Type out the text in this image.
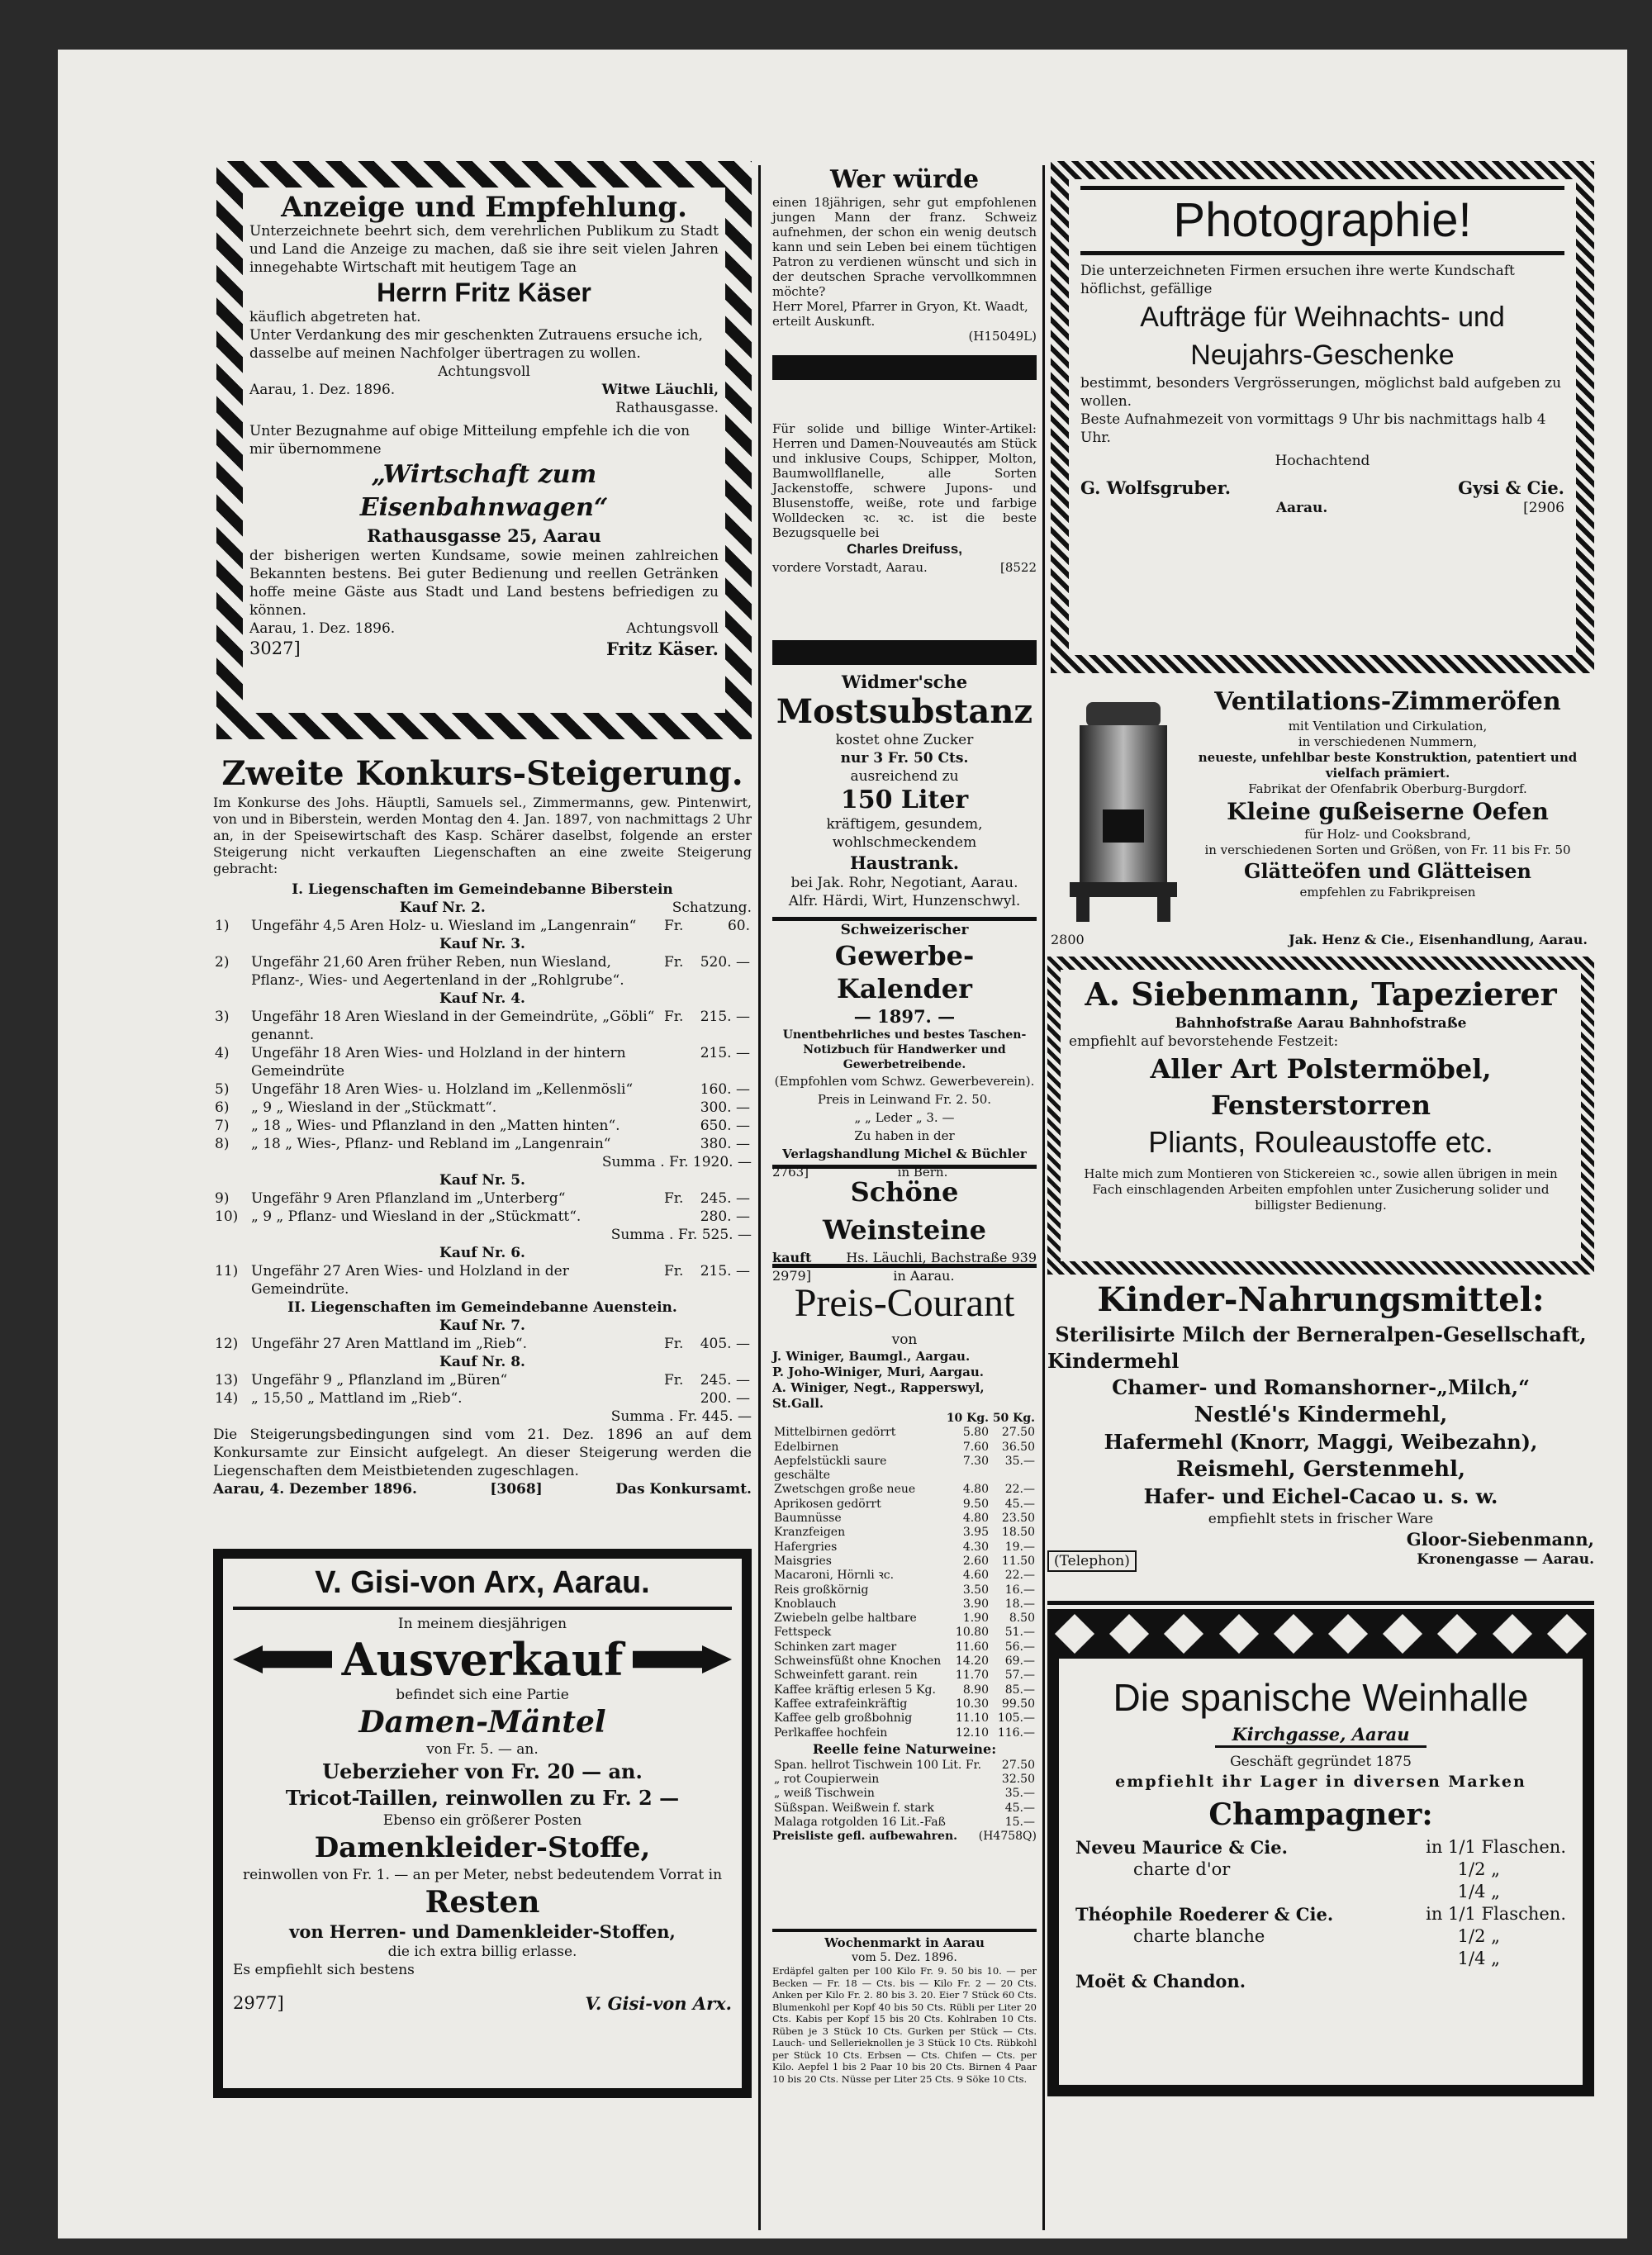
Anzeige und Empfehlung.

Unterzeichnete beehrt sich, dem verehrlichen Publikum zu Stadt und Land die Anzeige zu machen, daß sie ihre seit vielen Jahren innegehabte Wirtschaft mit heutigem Tage an

Herrn Fritz Käser

käuflich abgetreten hat.

Unter Verdankung des mir geschenkten Zutrauens ersuche ich, dasselbe auf meinen Nachfolger übertragen zu wollen.

Achtungsvoll

Aarau, 1. Dez. 1896.	Witwe Läuchli,

Rathausgasse.

Unter Bezugnahme auf obige Mitteilung empfehle ich die von mir übernommene

„Wirtschaft zum Eisenbahnwagen“

Rathausgasse 25, Aarau

der bisherigen werten Kundsame, sowie meinen zahlreichen Bekannten bestens. Bei guter Bedienung und reellen Getränken hoffe meine Gäste aus Stadt und Land bestens befriedigen zu können.

Aarau, 1. Dez. 1896.	Achtungsvoll
3027]	Fritz Käser.

Zweite Konkurs-Steigerung.

Im Konkurse des Johs. Häuptli, Samuels sel., Zimmermanns, gew. Pintenwirt, von und in Biberstein, werden Montag den 4. Jan. 1897, von nachmittags 2 Uhr an, in der Speisewirtschaft des Kasp. Schärer daselbst, folgende an erster Steigerung nicht verkauften Liegenschaften an eine zweite Steigerung gebracht:

I. Liegenschaften im Gemeindebanne Biberstein

Kauf Nr. 2.	Schatzung.
1)	Ungefähr 4,5 Aren Holz- u. Wiesland im „Langenrain“	Fr.	60.

Kauf Nr. 3.

2)	Ungefähr 21,60 Aren früher Reben, nun Wiesland, Pflanz-, Wies- und Aegertenland in der „Rohlgrube“.	Fr.	520. —

Kauf Nr. 4.

3)	Ungefähr 18 Aren Wiesland in der Gemeindrüte, „Göbli“ genannt.	Fr.	215. —
4)	Ungefähr 18 Aren Wies- und Holzland in der hintern Gemeindrüte		215. —
5)	Ungefähr 18 Aren Wies- u. Holzland im „Kellenmösli“		160. —
6)	„ 9 „ Wiesland in der „Stückmatt“.		300. —
7)	„ 18 „ Wies- und Pflanzland in den „Matten hinten“.		650. —
8)	„ 18 „ Wies-, Pflanz- und Rebland im „Langenrain“		380. —

Summa . Fr. 1920. —

Kauf Nr. 5.

9)	Ungefähr 9 Aren Pflanzland im „Unterberg“	Fr.	245. —
10)	„ 9 „ Pflanz- und Wiesland in der „Stückmatt“.		280. —

Summa . Fr. 525. —

Kauf Nr. 6.

11)	Ungefähr 27 Aren Wies- und Holzland in der Gemeindrüte.	Fr.	215. —

II. Liegenschaften im Gemeindebanne Auenstein.

Kauf Nr. 7.

12)	Ungefähr 27 Aren Mattland im „Rieb“.	Fr.	405. —

Kauf Nr. 8.

13)	Ungefähr 9 „ Pflanzland im „Büren“	Fr.	245. —
14)	„ 15,50 „ Mattland im „Rieb“.		200. —

Summa . Fr. 445. —

Die Steigerungsbedingungen sind vom 21. Dez. 1896 an auf dem Konkursamte zur Einsicht aufgelegt. An dieser Steigerung werden die Liegenschaften dem Meistbietenden zugeschlagen.

Aarau, 4. Dezember 1896.	[3068]	Das Konkursamt.

V. Gisi-von Arx, Aarau.

In meinem diesjährigen

Ausverkauf

befindet sich eine Partie

Damen-Mäntel

von Fr. 5. — an.

Ueberzieher von Fr. 20 — an.

Tricot-Taillen, reinwollen zu Fr. 2 —

Ebenso ein größerer Posten

Damenkleider-Stoffe,

reinwollen von Fr. 1. — an per Meter, nebst bedeutendem Vorrat in

Resten

von Herren- und Damenkleider-Stoffen,

die ich extra billig erlasse.

Es empfiehlt sich bestens

2977]	V. Gisi-von Arx.

Wer würde

einen 18jährigen, sehr gut empfohlenen jungen Mann der franz. Schweiz aufnehmen, der schon ein wenig deutsch kann und sein Leben bei einem tüchtigen Patron zu verdienen wünscht und sich in der deutschen Sprache vervollkommnen möchte?

Herr Morel, Pfarrer in Gryon, Kt. Waadt, erteilt Auskunft.

(H15049L)

Für solide und billige Winter-Artikel: Herren und Damen-Nouveautés am Stück und inklusive Coups, Schipper, Molton, Baumwollflanelle, alle Sorten Jackenstoffe, schwere Jupons- und Blusenstoffe, weiße, rote und farbige Wolldecken ꝛc. ꝛc. ist die beste Bezugsquelle bei

Charles Dreifuss,

vordere Vorstadt, Aarau.	[8522

Widmer'sche

Mostsubstanz

kostet ohne Zucker

nur 3 Fr. 50 Cts.

ausreichend zu

150 Liter

kräftigem, gesundem, wohlschmeckendem

Haustrank.

bei Jak. Rohr, Negotiant, Aarau.

Alfr. Härdi, Wirt, Hunzenschwyl.

Schweizerischer

Gewerbe-Kalender

— 1897. —

Unentbehrliches und bestes Taschen-Notizbuch für Handwerker und Gewerbetreibende.

(Empfohlen vom Schwz. Gewerbeverein).

Preis in Leinwand Fr. 2. 50.

„ „ Leder „ 3. —

Zu haben in der

Verlagshandlung Michel & Büchler

2763]	in Bern.

Schöne Weinsteine

kauft	Hs. Läuchli, Bachstraße 939
2979]	in Aarau.

Preis-Courant

von

J. Winiger, Baumgl., Aargau.

P. Joho-Winiger, Muri, Aargau.

A. Winiger, Negt., Rapperswyl, St.Gall.

	10 Kg.	50 Kg.
Mittelbirnen gedörrt	5.80	27.50
Edelbirnen	7.60	36.50
Aepfelstückli saure geschälte	7.30	35.—
Zwetschgen große neue	4.80	22.—
Aprikosen gedörrt	9.50	45.—
Baumnüsse	4.80	23.50
Kranzfeigen	3.95	18.50
Hafergries	4.30	19.—
Maisgries	2.60	11.50
Macaroni, Hörnli ꝛc.	4.60	22.—
Reis großkörnig	3.50	16.—
Knoblauch	3.90	18.—
Zwiebeln gelbe haltbare	1.90	8.50
Fettspeck	10.80	51.—
Schinken zart mager	11.60	56.—
Schweinsfüßt ohne Knochen	14.20	69.—
Schweinfett garant. rein	11.70	57.—
Kaffee kräftig erlesen 5 Kg.	8.90	85.—
Kaffee extrafeinkräftig	10.30	99.50
Kaffee gelb großbohnig	11.10	105.—
Perlkaffee hochfein	12.10	116.—

Reelle feine Naturweine:

Span. hellrot Tischwein 100 Lit. Fr.	27.50
„ rot Coupierwein	32.50
„ weiß Tischwein	35.—
Süßspan. Weißwein f. stark	45.—
Malaga rotgolden 16 Lit.-Faß	15.—
Preisliste gefl. aufbewahren. (H4758Q)

Wochenmarkt in Aarau

vom 5. Dez. 1896.

Erdäpfel galten per 100 Kilo Fr. 9. 50 bis 10. — per Becken — Fr. 18 — Cts. bis — Kilo Fr. 2 — 20 Cts. Anken per Kilo Fr. 2. 80 bis 3. 20. Eier 7 Stück 60 Cts. Blumenkohl per Kopf 40 bis 50 Cts. Rübli per Liter 20 Cts. Kabis per Kopf 15 bis 20 Cts. Kohlraben 10 Cts. Rüben je 3 Stück 10 Cts. Gurken per Stück — Cts. Lauch- und Sellerieknollen je 3 Stück 10 Cts. Rübkohl per Stück 10 Cts. Erbsen — Cts. Chifen — Cts. per Kilo. Aepfel 1 bis 2 Paar 10 bis 20 Cts. Birnen 4 Paar 10 bis 20 Cts. Nüsse per Liter 25 Cts. 9 Söke 10 Cts.

Photographie!

Die unterzeichneten Firmen ersuchen ihre werte Kundschaft höflichst, gefällige

Aufträge für Weihnachts- und

Neujahrs-Geschenke

bestimmt, besonders Vergrösserungen, möglichst bald aufgeben zu wollen.

Beste Aufnahmezeit von vormittags 9 Uhr bis nachmittags halb 4 Uhr.

Hochachtend

G. Wolfsgruber.	Gysi & Cie.
Aarau.	[2906

Ventilations-Zimmeröfen

mit Ventilation und Cirkulation,

in verschiedenen Nummern,

neueste, unfehlbar beste Konstruktion, patentiert und vielfach prämiert.

Fabrikat der Ofenfabrik Oberburg-Burgdorf.

Kleine gußeiserne Oefen

für Holz- und Cooksbrand,

in verschiedenen Sorten und Größen, von Fr. 11 bis Fr. 50

Glätteöfen und Glätteisen

empfehlen zu Fabrikpreisen

2800	Jak. Henz & Cie., Eisenhandlung, Aarau.

A. Siebenmann, Tapezierer

Bahnhofstraße Aarau Bahnhofstraße

empfiehlt auf bevorstehende Festzeit:

Aller Art Polstermöbel, Fensterstorren

Pliants, Rouleaustoffe etc.

Halte mich zum Montieren von Stickereien ꝛc., sowie allen übrigen in mein Fach einschlagenden Arbeiten empfohlen unter Zusicherung solider und billigster Bedienung.

Kinder-Nahrungsmittel:

Sterilisirte Milch der Berneralpen-Gesellschaft,

Kindermehl

Chamer- und Romanshorner-„Milch,“

Nestlé's Kindermehl,

Hafermehl (Knorr, Maggi, Weibezahn),

Reismehl, Gerstenmehl,

Hafer- und Eichel-Cacao u. s. w.

empfiehlt stets in frischer Ware

Gloor-Siebenmann,

(Telephon)	Kronengasse — Aarau.

Die spanische Weinhalle

Kirchgasse, Aarau

Geschäft gegründet 1875

empfiehlt ihr Lager in diversen Marken

Champagner:

Neveu Maurice & Cie.	in 1/1 Flaschen.
charte d'or	1/2 „
1/4 „
Théophile Roederer & Cie.	in 1/1 Flaschen.
charte blanche	1/2 „
1/4 „

Moët & Chandon.
